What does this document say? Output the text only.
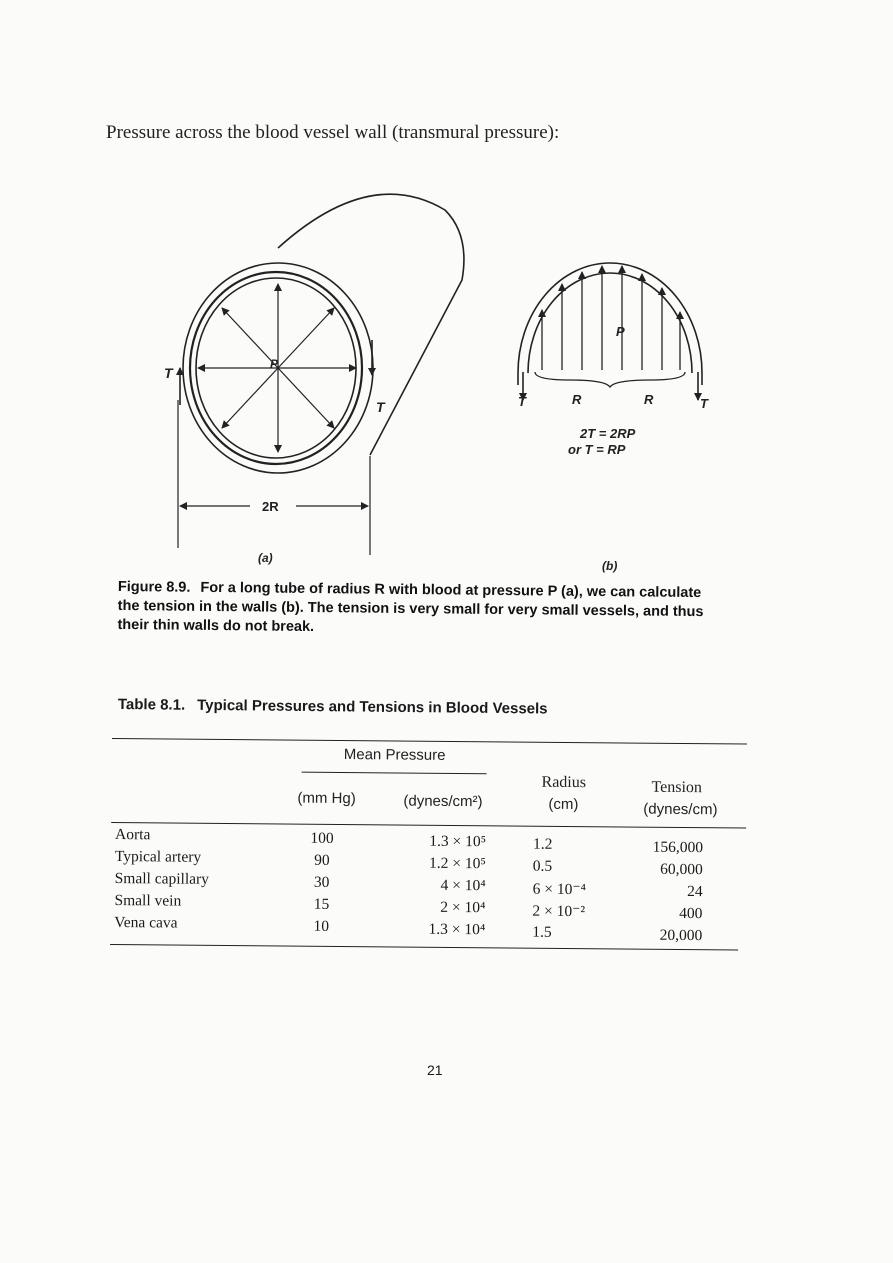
Pressure across the blood vessel wall (transmural pressure):
P
T
T
2R
(a)
P
T	R	R	T
2T = 2RP
or T = RP
(b)
Figure 8.9. For a long tube of radius R with blood at pressure P (a), we can calculate
the tension in the walls (b). The tension is very small for very small vessels, and thus
their thin walls do not break.
Table 8.1. Typical Pressures and Tensions in Blood Vessels
Mean Pressure
Radius	Tension
(mm Hg)	(dynes/cm²)	(cm)	(dynes/cm)
Aorta	100	1.3 × 10⁵	1.2	156,000
Typical artery	90	1.2 × 10⁵	0.5	60,000
Small capillary	30	4 × 10⁴	6 × 10⁻⁴	24
Small vein	15	2 × 10⁴	2 × 10⁻²	400
Vena cava	10	1.3 × 10⁴	1.5	20,000
21
